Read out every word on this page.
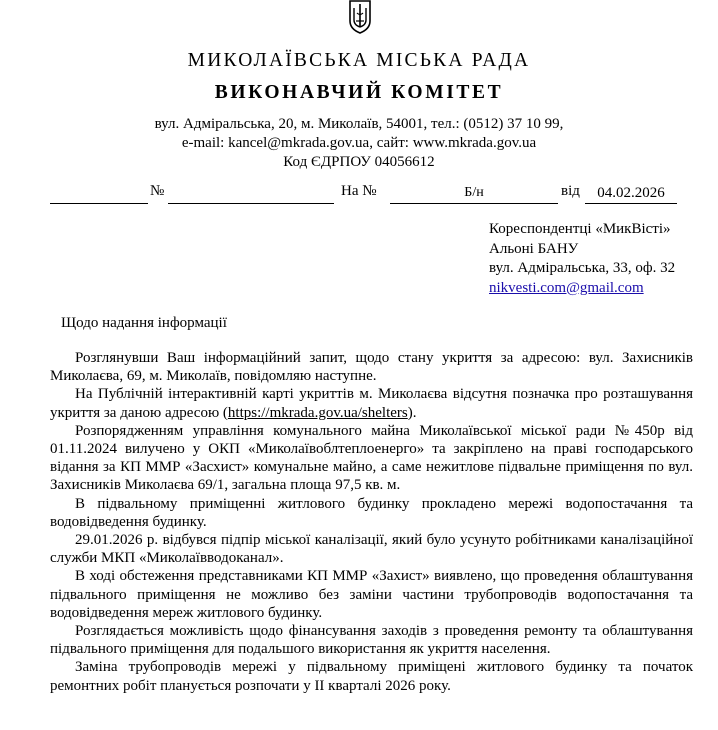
МИКОЛАЇВСЬКА МІСЬКА РАДА
ВИКОНАВЧИЙ КОМІТЕТ
вул. Адміральська, 20, м. Миколаїв, 54001, тел.: (0512) 37 10 99,
e-mail: kancel@mkrada.gov.ua, сайт: www.mkrada.gov.ua
Код ЄДРПОУ 04056612
№	На №	Б/н	від	04.02.2026
Кореспондентці «МикВісті»
Альоні БАНУ
вул. Адміральська, 33, оф. 32
nikvesti.com@gmail.com
Щодо надання інформації

Розглянувши Ваш інформаційний запит, щодо стану укриття за адресою: вул. Захисників Миколаєва, 69, м. Миколаїв, повідомляю наступне.

На Публічній інтерактивній карті укриттів м. Миколаєва відсутня позначка про розташування укриття за даною адресою (https://mkrada.gov.ua/shelters).

Розпорядженням управління комунального майна Миколаївської міської ради №450р від 01.11.2024 вилучено у ОКП «Миколаївоблтеплоенерго» та закріплено на праві господарського відання за КП ММР «Засхист» комунальне майно, а саме нежитлове підвальне приміщення по вул. Захисників Миколаєва 69/1, загальна площа 97,5 кв. м.

В підвальному приміщенні житлового будинку прокладено мережі водопостачання та водовідведення будинку.

29.01.2026 р. відбувся підпір міської каналізації, який було усунуто робітниками каналізаційної служби МКП «Миколаївводоканал».

В ході обстеження представниками КП ММР «Захист» виявлено, що проведення облаштування підвального приміщення не можливо без заміни частини трубопроводів водопостачання та водовідведення мереж житлового будинку.

Розглядається можливість щодо фінансування заходів з проведення ремонту та облаштування підвального приміщення для подальшого використання як укриття населення.

Заміна трубопроводів мережі у підвальному приміщені житлового будинку та початок ремонтних робіт планується розпочати у ІІ кварталі 2026 року.
